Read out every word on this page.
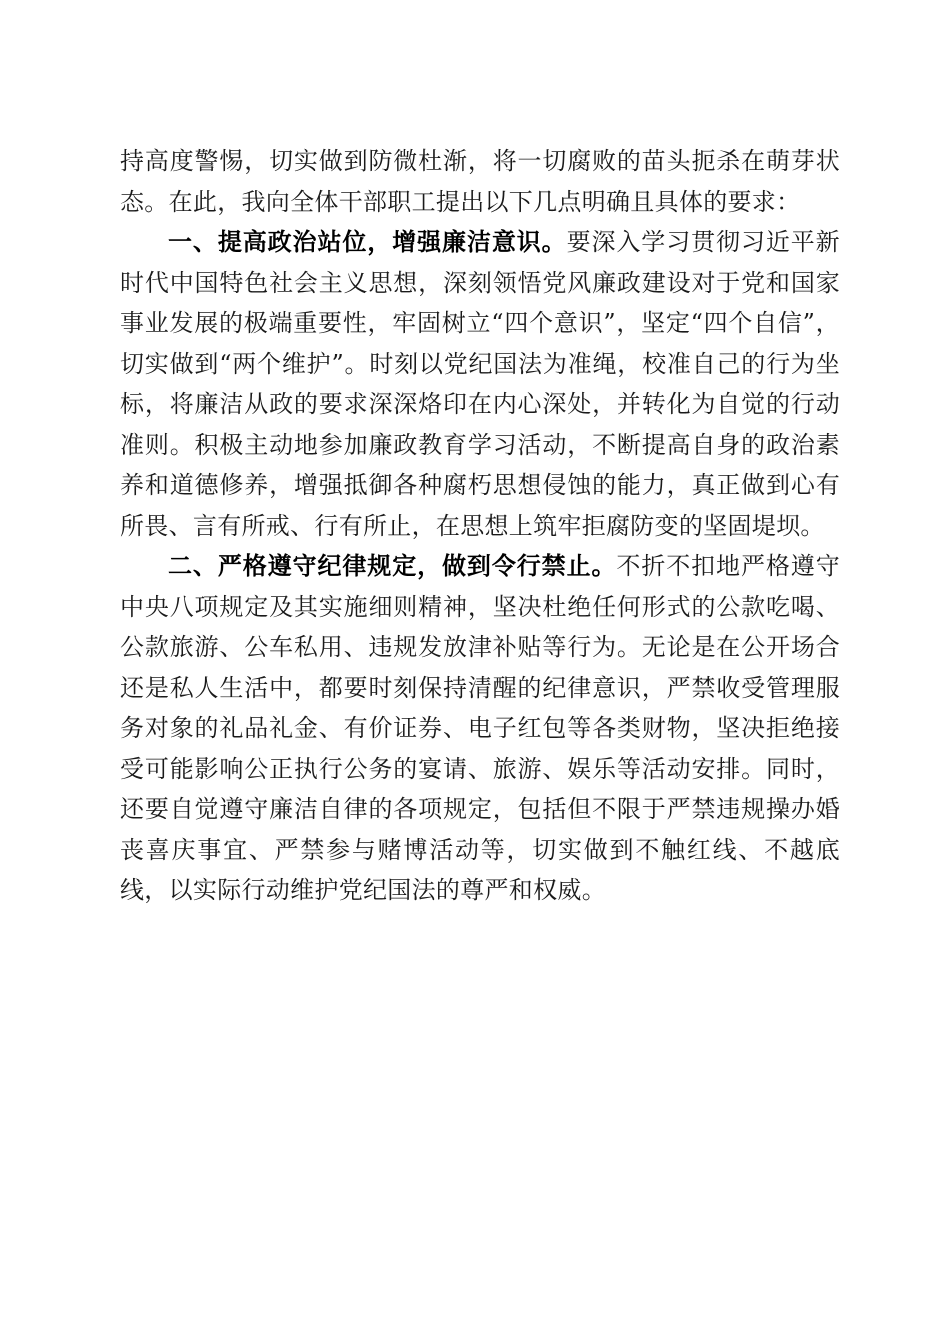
持高度警惕，切实做到防微杜渐，将一切腐败的苗头扼杀在萌芽状态。在此，我向全体干部职工提出以下几点明确且具体的要求：

一、提高政治站位，增强廉洁意识。要深入学习贯彻习近平新时代中国特色社会主义思想，深刻领悟党风廉政建设对于党和国家事业发展的极端重要性，牢固树立“四个意识”，坚定“四个自信”，切实做到“两个维护”。时刻以党纪国法为准绳，校准自己的行为坐标，将廉洁从政的要求深深烙印在内心深处，并转化为自觉的行动准则。积极主动地参加廉政教育学习活动，不断提高自身的政治素养和道德修养，增强抵御各种腐朽思想侵蚀的能力，真正做到心有所畏、言有所戒、行有所止，在思想上筑牢拒腐防变的坚固堤坝。

二、严格遵守纪律规定，做到令行禁止。不折不扣地严格遵守中央八项规定及其实施细则精神，坚决杜绝任何形式的公款吃喝、公款旅游、公车私用、违规发放津补贴等行为。无论是在公开场合还是私人生活中，都要时刻保持清醒的纪律意识，严禁收受管理服务对象的礼品礼金、有价证券、电子红包等各类财物，坚决拒绝接受可能影响公正执行公务的宴请、旅游、娱乐等活动安排。同时，还要自觉遵守廉洁自律的各项规定，包括但不限于严禁违规操办婚丧喜庆事宜、严禁参与赌博活动等，切实做到不触红线、不越底线，以实际行动维护党纪国法的尊严和权威。
